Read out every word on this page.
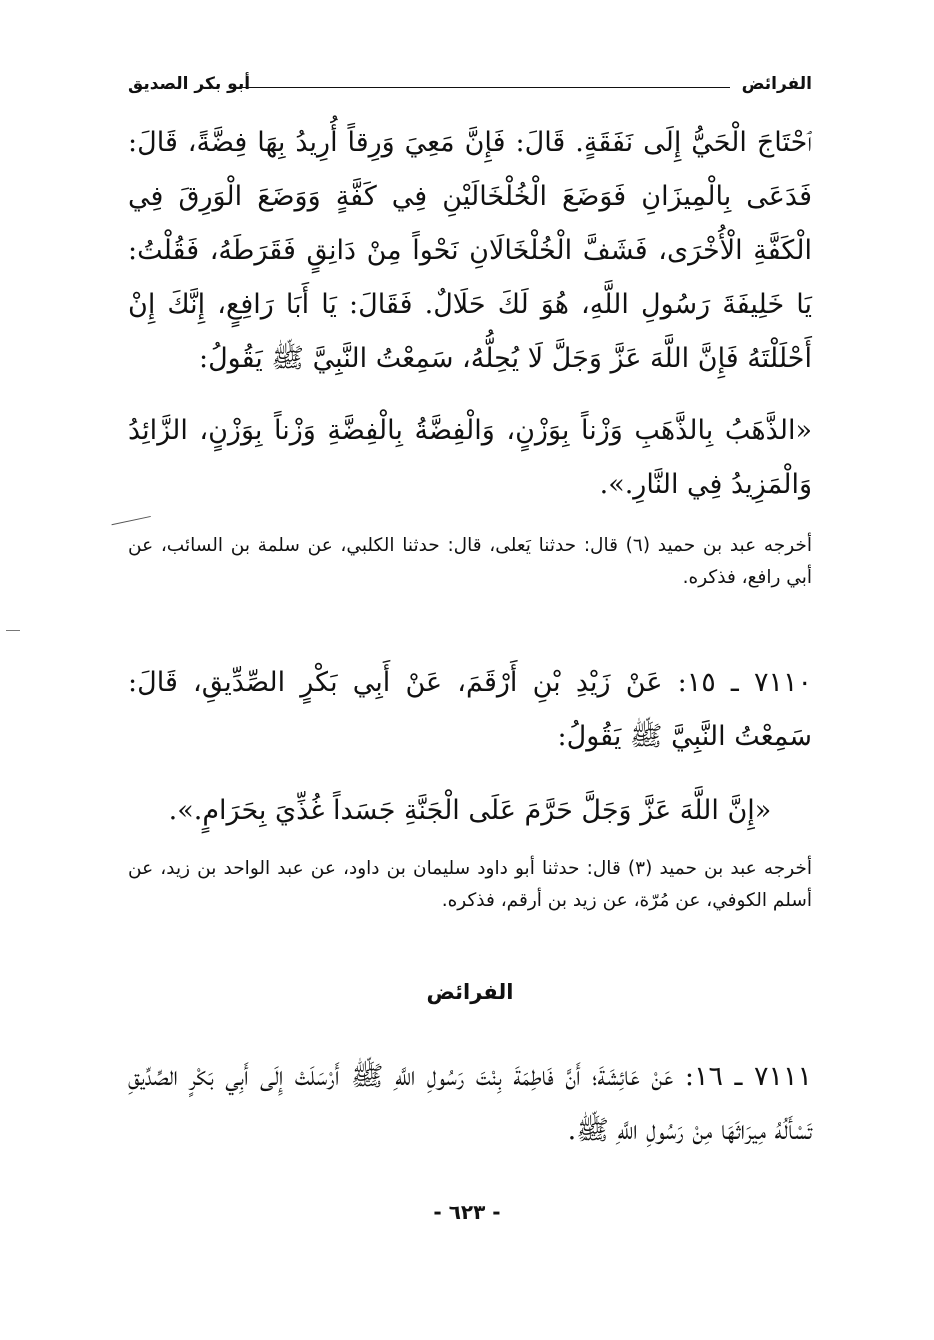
الفرائض
أبو بكر الصديق
ٱحْتَاجَ الْحَيُّ إِلَى نَفَقَةٍ. قَالَ: فَإِنَّ مَعِيَ وَرِقاً أُرِيدُ بِهَا فِضَّةً، قَالَ: فَدَعَى بِالْمِيزَانِ فَوَضَعَ الْخُلْخَالَيْنِ فِي كَفَّةٍ وَوَضَعَ الْوَرِقَ فِي الْكَفَّةِ الْأُخْرَى، فَشَفَّ الْخُلْخَالَانِ نَحْواً مِنْ دَانِقٍ فَقَرَطَهُ، فَقُلْتُ: يَا خَلِيفَةَ رَسُولِ اللَّهِ، هُوَ لَكَ حَلَالٌ. فَقَالَ: يَا أَبَا رَافِعٍ، إِنَّكَ إِنْ أَحْلَلْتَهُ فَإِنَّ اللَّهَ عَزَّ وَجَلَّ لَا يُحِلُّهُ، سَمِعْتُ النَّبِيَّ ﷺ يَقُولُ:
«الذَّهَبُ بِالذَّهَبِ وَزْناً بِوَزْنٍ، وَالْفِضَّةُ بِالْفِضَّةِ وَزْناً بِوَزْنٍ، الزَّائِدُ وَالْمَزِيدُ فِي النَّارِ.».
أخرجه عبد بن حميد (٦) قال: حدثنا يَعلى، قال: حدثنا الكلبي، عن سلمة بن السائب، عن أبي رافع، فذكره.
٧١١٠ ـ ١٥: عَنْ زَيْدِ بْنِ أَرْقَمَ، عَنْ أَبِي بَكْرٍ الصِّدِّيقِ، قَالَ: سَمِعْتُ النَّبِيَّ ﷺ يَقُولُ:
«إِنَّ اللَّهَ عَزَّ وَجَلَّ حَرَّمَ عَلَى الْجَنَّةِ جَسَداً غُذِّيَ بِحَرَامٍ.».
أخرجه عبد بن حميد (٣) قال: حدثنا أبو داود سليمان بن داود، عن عبد الواحد بن زيد، عن أسلم الكوفي، عن مُرّة، عن زيد بن أرقم، فذكره.
الفرائض
٧١١١ ـ ١٦: عَنْ عَائِشَةَ؛ أَنَّ فَاطِمَةَ بِنْتَ رَسُولِ اللَّهِ ﷺ أَرْسَلَتْ إِلَى أَبِي بَكْرٍ الصِّدِّيقِ تَسْأَلُهُ مِيرَاثَهَا مِنْ رَسُولِ اللَّهِ ﷺ.
- ٦٢٣ -
